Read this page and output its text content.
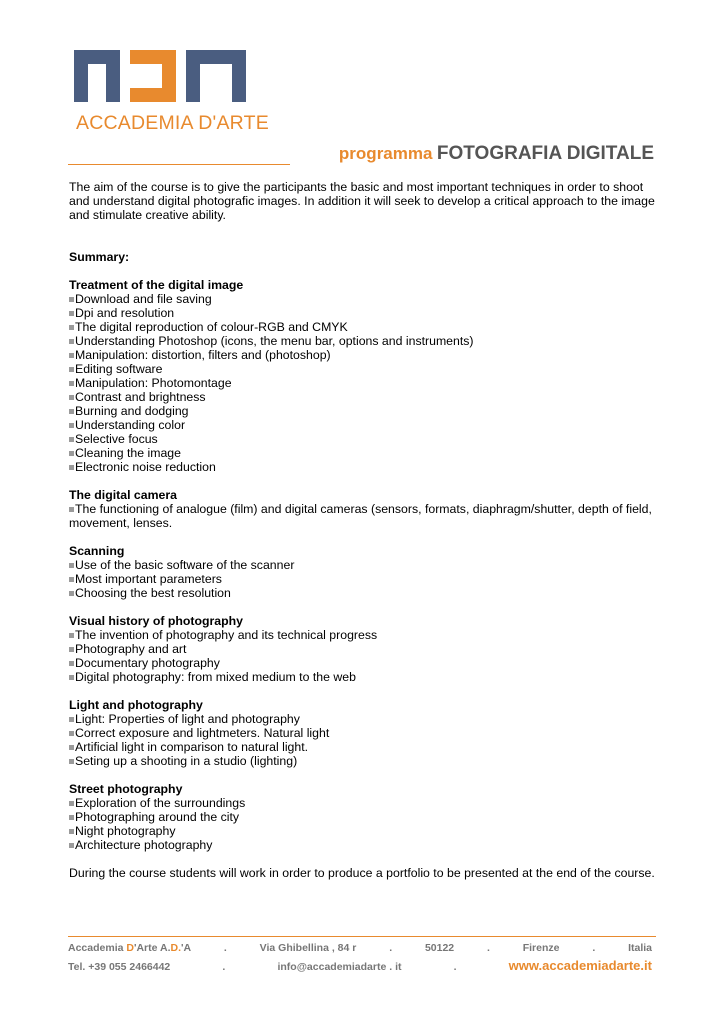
ACCADEMIA D'ARTE
programma FOTOGRAFIA DIGITALE

The aim of the course is to give the participants the basic and most important techniques in order to shoot and understand digital photografic images. In addition it will seek to develop a critical approach to the image and stimulate creative ability.

Summary:

Treatment of the digital image
Download and file saving
Dpi and resolution
The digital reproduction of colour-RGB and CMYK
Understanding Photoshop (icons, the menu bar, options and instruments)
Manipulation: distortion, filters and (photoshop)
Editing software
Manipulation: Photomontage
Contrast and brightness
Burning and dodging
Understanding color
Selective focus
Cleaning the image
Electronic noise reduction
The digital camera
The functioning of analogue (film) and digital cameras (sensors, formats, diaphragm/shutter, depth of field, movement, lenses.
Scanning
Use of the basic software of the scanner
Most important parameters
Choosing the best resolution
Visual history of photography
The invention of photography and its technical progress
Photography and art
Documentary photography
Digital photography: from mixed medium to the web
Light and photography
Light: Properties of light and photography
Correct exposure and lightmeters. Natural light
Artificial light in comparison to natural light.
Seting up a shooting in a studio (lighting)
Street photography
Exploration of the surroundings
Photographing around the city
Night photography
Architecture photography

During the course students will work in order to produce a portfolio to be presented at the end of the course.

Accademia D'Arte A.D.'A	.	Via Ghibellina , 84 r	.	50122	.	Firenze	.	Italia
Tel. +39 055 2466442	.	info@accademiadarte . it	.	www.accademiadarte.it
